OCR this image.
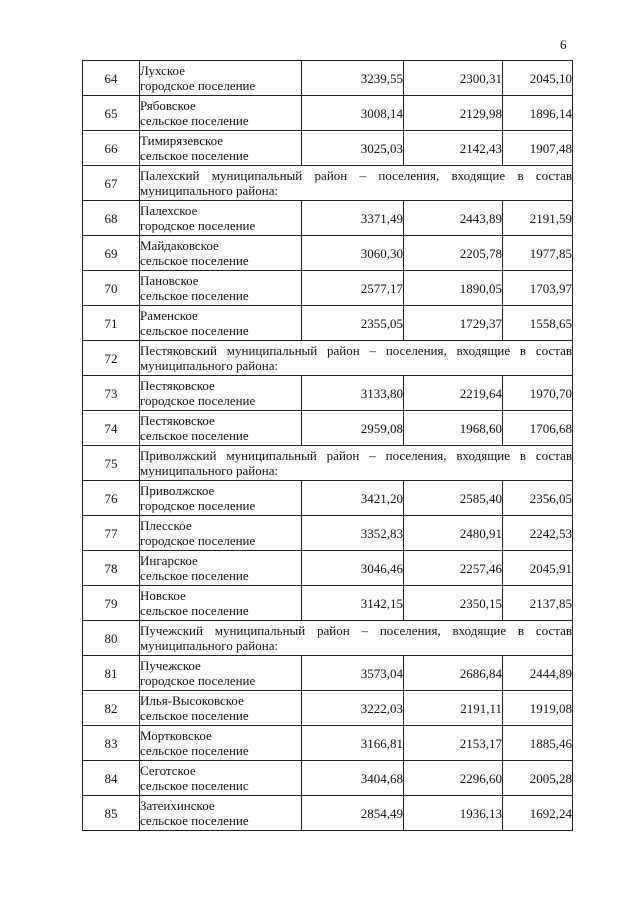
6
64	Лухское
городское поселение	3239,55	2300,31	2045,10
65	Рябовское
сельское поселение	3008,14	2129,98	1896,14
66	Тимирязевское
сельское поселение	3025,03	2142,43	1907,48
67	Палехский муниципальный район – поселения, входящие в состав муниципального района:			
68	Палехское
городское поселение	3371,49	2443,89	2191,59
69	Майдаковское
сельское поселение	3060,30	2205,78	1977,85
70	Пановское
сельское поселение	2577,17	1890,05	1703,97
71	Раменское
сельское поселение	2355,05	1729,37	1558,65
72	Пестяковский муниципальный район – поселения, входящие в состав муниципального района:			
73	Пестяковское
городское поселение	3133,80	2219,64	1970,70
74	Пестяковское
сельское поселение	2959,08	1968,60	1706,68
75	Приволжский муниципальный район – поселения, входящие в состав муниципального района:			
76	Приволжское
городское поселение	3421,20	2585,40	2356,05
77	Плесское
городское поселение	3352,83	2480,91	2242,53
78	Ингарское
сельское поселение	3046,46	2257,46	2045,91
79	Новское
сельское поселение	3142,15	2350,15	2137,85
80	Пучежский муниципальный район – поселения, входящие в состав муниципального района:			
81	Пучежское
городское поселение	3573,04	2686,84	2444,89
82	Илья-Высоковское
сельское поселение	3222,03	2191,11	1919,08
83	Мортковское
сельское поселение	3166,81	2153,17	1885,46
84	Сеготское
сельское поселенис	3404,68	2296,60	2005,28
85	Затеихинское
сельское поселение	2854,49	1936,13	1692,24
